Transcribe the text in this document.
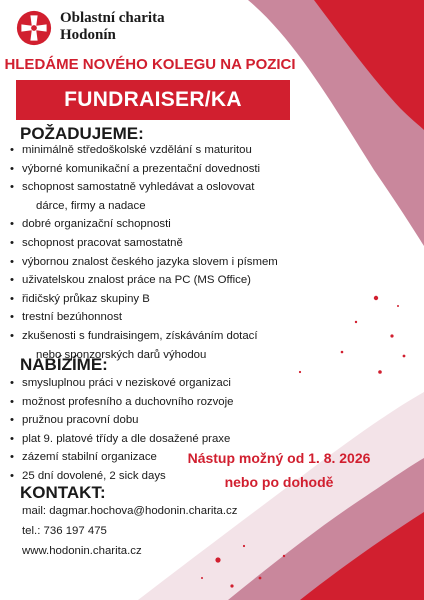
Oblastní charita
Hodonín
HLEDÁME NOVÉHO KOLEGU NA POZICI
FUNDRAISER/KA
POŽADUJEME:
• minimálně středoškolské vzdělání s maturitou
• výborné komunikační a prezentační dovednosti
• schopnost samostatně vyhledávat a oslovovat
dárce, firmy a nadace
• dobré organizační schopnosti
• schopnost pracovat samostatně
• výbornou znalost českého jazyka slovem i písmem
• uživatelskou znalost práce na PC (MS Office)
• řidičský průkaz skupiny B
• trestní bezúhonnost
• zkušenosti s fundraisingem, získáváním dotací
nebo sponzorských darů výhodou
NABÍZÍME:
• smysluplnou práci v neziskové organizaci
• možnost profesního a duchovního rozvoje
• pružnou pracovní dobu
• plat 9. platové třídy a dle dosažené praxe
• zázemí stabilní organizace
• 25 dní dovolené, 2 sick days
KONTAKT:
mail: dagmar.hochova@hodonin.charita.cz
tel.: 736 197 475
www.hodonin.charita.cz
Nástup možný od 1. 8. 2026
nebo po dohodě
